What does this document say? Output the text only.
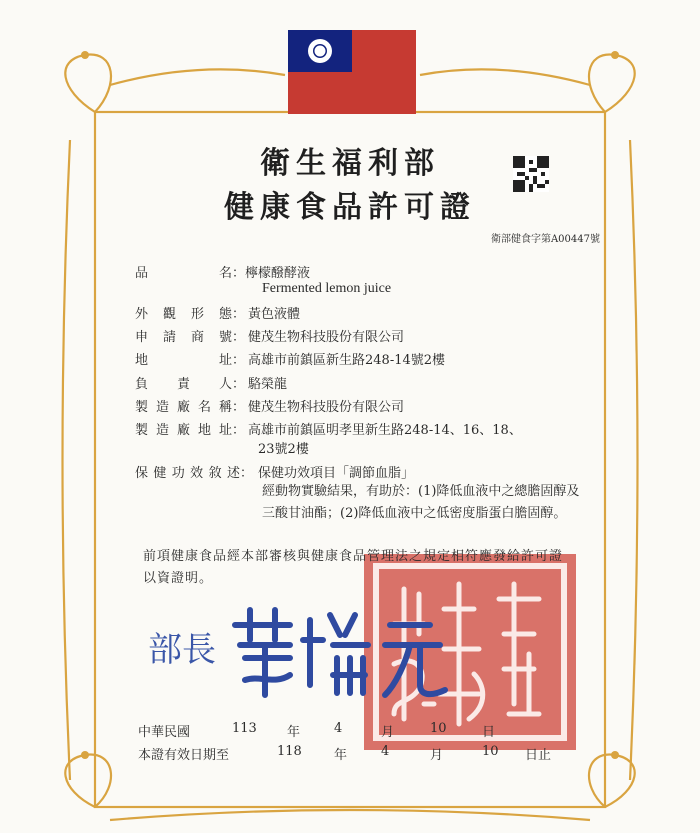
衛生福利部
健康食品許可證
衛部健食字第A00447號
品	名： 檸檬醱酵液
Fermented lemon juice
外 觀 形 態： 黃色液體
申 請 商 號： 健茂生物科技股份有限公司
地	址： 高雄市前鎮區新生路248-14號2樓
負 責 人： 駱榮龍
製 造 廠 名 稱： 健茂生物科技股份有限公司
製 造 廠 地 址： 高雄市前鎮區明孝里新生路248-14、16、18、
23號2樓
保 健 功 效 敘 述： 保健功效項目「調節血脂」
經動物實驗結果，有助於：(1)降低血液中之總膽固醇及三酸甘油酯；(2)降低血液中之低密度脂蛋白膽固醇。
前項健康食品經本部審核與健康食品管理法之規定相符應發給許可證以資證明。
部長
中華民國	113 年	4	月	10	日
本證有效日期至	118 年	4	月	10 日止
